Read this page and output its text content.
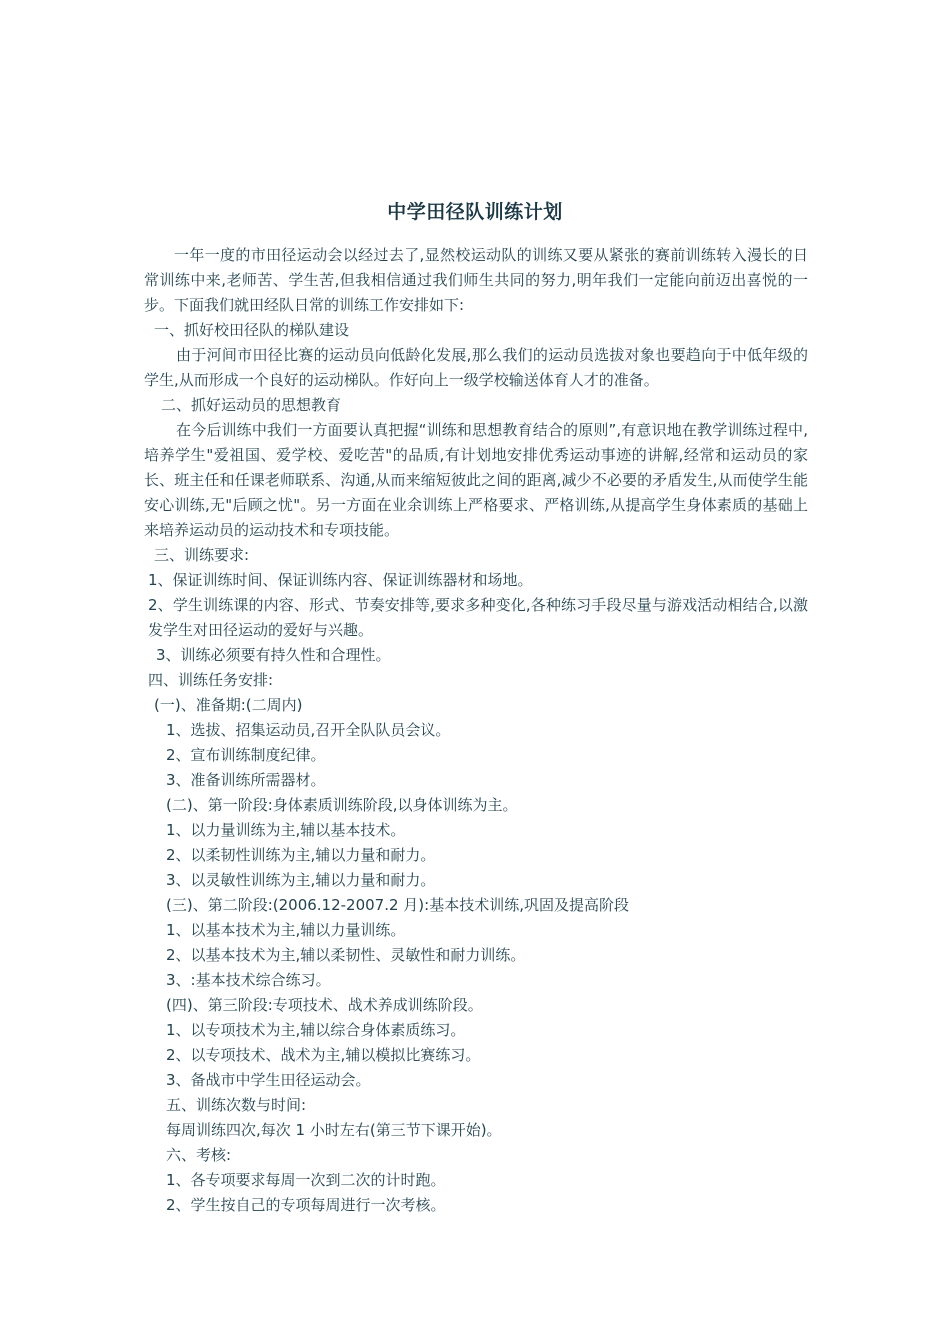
中学田径队训练计划
一年一度的市田径运动会以经过去了,显然校运动队的训练又要从紧张的赛前训练转入漫长的日常训练中来,老师苦、学生苦,但我相信通过我们师生共同的努力,明年我们一定能向前迈出喜悦的一步。下面我们就田经队日常的训练工作安排如下:
一、抓好校田径队的梯队建设
由于河间市田径比赛的运动员向低龄化发展,那么我们的运动员选拔对象也要趋向于中低年级的学生,从而形成一个良好的运动梯队。作好向上一级学校输送体育人才的准备。
二、抓好运动员的思想教育
在今后训练中我们一方面要认真把握“训练和思想教育结合的原则”,有意识地在教学训练过程中,培养学生"爱祖国、爱学校、爱吃苦"的品质,有计划地安排优秀运动事迹的讲解,经常和运动员的家长、班主任和任课老师联系、沟通,从而来缩短彼此之间的距离,减少不必要的矛盾发生,从而使学生能安心训练,无"后顾之忧"。另一方面在业余训练上严格要求、严格训练,从提高学生身体素质的基础上来培养运动员的运动技术和专项技能。
三、训练要求:
1、保证训练时间、保证训练内容、保证训练器材和场地。
2、学生训练课的内容、形式、节奏安排等,要求多种变化,各种练习手段尽量与游戏活动相结合,以激发学生对田径运动的爱好与兴趣。
3、训练必须要有持久性和合理性。
四、训练任务安排:
(一)、准备期:(二周内)
1、选拔、招集运动员,召开全队队员会议。
2、宣布训练制度纪律。
3、准备训练所需器材。
(二)、第一阶段:身体素质训练阶段,以身体训练为主。
1、以力量训练为主,辅以基本技术。
2、以柔韧性训练为主,辅以力量和耐力。
3、以灵敏性训练为主,辅以力量和耐力。
(三)、第二阶段:(2006.12-2007.2 月):基本技术训练,巩固及提高阶段
1、以基本技术为主,辅以力量训练。
2、以基本技术为主,辅以柔韧性、灵敏性和耐力训练。
3、:基本技术综合练习。
(四)、第三阶段:专项技术、战术养成训练阶段。
1、以专项技术为主,辅以综合身体素质练习。
2、以专项技术、战术为主,辅以模拟比赛练习。
3、备战市中学生田径运动会。
五、训练次数与时间:
每周训练四次,每次 1 小时左右(第三节下课开始)。
六、考核:
1、各专项要求每周一次到二次的计时跑。
2、学生按自己的专项每周进行一次考核。
